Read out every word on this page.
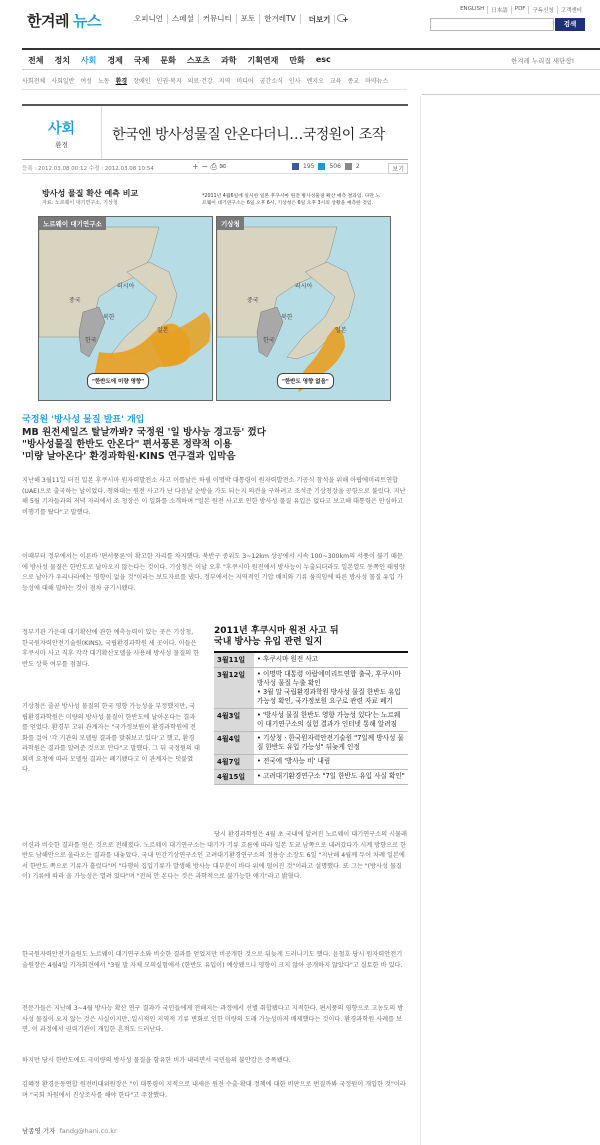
한겨레 뉴스	오피니언	스페셜	커뮤니티	포토	한겨레TV	더보기 +
ENGLISH	日本語	PDF	구독신청	고객센터
검색
전체 정치 사회 경제 국제 문화 스포츠 과학 기획연재 만화 esc	한겨레 누리집 새단장!
사회전체 사회일반 여성 노동 환경 장애인 인권·복지 의료·건강 지역 미디어 궁간소식 인사 엔지오 교육 종교 마약뉴스
사회
환경
한국엔 방사성물질 안온다더니…국정원이 조작
등록 : 2012.03.08 00:12 수정 : 2012.03.08 10:54	+ − ⎙ ✉	195	506	2	보기
방사성 물질 확산 예측 비교
자료: 노르웨이 대기연구소, 기상청
*2011년 4월6일에 실시한 일본 후쿠시마 원전 방사성물질 확산 예측 결과임. 다만 노르웨이 대기연구소는 6일 오후 6시, 기상청은 6일 오후 3시의 상황을 예측한 것임.
노르웨이 대기연구소
중국
러시아
북한
일본
한국
"한반도에 미량 영향"
기상청
중국
러시아
북한
일본
한국
"한반도 영향 없음"
국정원 '방사성 물질 발표' 개입
MB 원전세일즈 탈날까봐? 국정원 '일 방사능 경고등' 껐다
"방사성물질 한반도 안온다" 편서풍론 정략적 이용
'미량 날아온다' 환경과학원·KINS 연구결과 입막음
지난해 3월11일 터진 일본 후쿠시마 원자력발전소 사고 이틀날은 하필 이명박 대통령이 원자력발전소 기공식 참석을 위해 아랍에미리트연합(UAE)으로 출국하는 날이었다. 청와대는 원전 사고가 난 다음날 순방을 가도 되는지 의견을 구하려고 조석준 기상청장을 공항으로 불렀다. 지난해 5월 기자들과의 저녁 자리에서 조 청장은 이 일화를 소개하며 "일본 원전 사고로 인한 방사성 물질 유입은 없다고 보고해 대통령은 안심하고 비행기를 탔다"고 말했다.
이때부터 정부에서는 이른바 '편서풍론'이 확고한 자리를 차지했다. 북반구 중위도 3~12km 상공에서 시속 100~300km의 서풍이 불기 때문에 방사성 물질은 한반도로 날아오지 않는다는 것이다. 기상청은 이날 오후 "후쿠시마 원전에서 방사능이 누출되더라도 일본열도 동쪽인 태평양으로 날아가 우리나라에는 영향이 없을 것"이라는 보도자료를 냈다. 정부에서는 지역적인 기압 배치와 기류 움직임에 따른 방사성 물질 유입 가능성에 대해 말하는 것이 점차 금기시됐다.
정부기관 가운데 대기확산에 관한 예측능력이 있는 곳은 기상청, 한국원자력안전기술원(KINS), 국립환경과학원 세 곳이다. 이들은 후쿠시마 사고 직후 각각 대기확산모델을 사용해 방사성 물질의 한반도 상륙 여부를 점쳤다.
기상청은 줄곧 방사성 물질의 한국 영향 가능성을 부정했지만, 국립환경과학원은 미량의 방사성 물질이 한반도에 날아온다는 결과를 얻었다. 환경부 고위 관계자는 "국가정보원이 환경과학원에 전화를 걸어 '각 기관의 모델링 결과를 맞춰보고 있다'고 했고, 환경과학원은 결과를 알려준 것으로 안다"고 말했다. 그 뒤 국정원의 대외비 요청에 따라 모델링 결과는 폐기됐다고 이 관계자는 덧붙였다.
2011년 후쿠시마 원전 사고 뒤
국내 방사능 유입 관련 일지
3월11일	• 후쿠시마 원전 사고
3월12일	• 이명박 대통령 아랍에미리트연합 출국, 후쿠시마 방사성 물질 누출 확인
• 3월 말 국립환경과학원 방사성 물질 한반도 유입 가능성 확인, 국가정보원 요구로 관련 자료 폐기
4월3일	• '방사성 물질 한반도 영향 가능성 있다'는 노르웨이 대기연구소의 실험 결과가 인터넷 통해 알려짐
4월4일	• 기상청 · 한국원자력안전기술원 "7일께 방사성 물질 한반도 유입 가능성" 뒤늦게 인정
4월7일	• 전국에 '방사능 비' 내림
4월15일	• 고려대기환경연구소 "7일 한반도 유입 사실 확인"
당시 환경과학원은 4월 초 국내에 알려진 노르웨이 대기연구소의 시뮬레이션과 비슷한 결과를 얻은 것으로 전해졌다. 노르웨이 대기연구소는 대기가 기류 흐름에 따라 일본 도쿄 남쪽으로 내려갔다가 시계 방향으로 한반도 남해안으로 올라오는 결과를 내놓았다. 국내 민간기상연구소인 고려대기환경연구소의 정용승 소장도 6일 "지난해 4월께 두어 차례 일본에서 한반도 쪽으로 기류가 흘렀다"며 "다행히 집입기류가 발생해 방사능 대부분이 바다 위에 떨어진 것"이라고 설명했다. 또 그는 "(방사성 물질이) 기류에 따라 올 가능성은 열려 있다"며 "전혀 안 온다는 것은 과학적으로 불가능한 얘기"라고 밝혔다.
한국원자력안전기술원도 노르웨이 대기연구소와 비슷한 결과를 얻었지만 비공개한 것으로 뒤늦게 드러나기도 했다. 윤철호 당시 원자력안전기술원장은 4월4일 기자회견에서 "3월 말 자체 모의실험에서 (한반도 유입이) 예상됐으나 영향이 크지 않아 공개하지 않았다"고 실토한 바 있다.
전문가들은 지난해 3~4월 방사능 확산 연구 결과가 국민들에게 전해지는 과정에서 선별 취합됐다고 지적한다. 편서풍의 영향으로 고농도의 방사성 물질이 오지 않는 것은 사실이지만, 일시적인 지역적 기류 변화로 인한 미량의 도래 가능성마저 배제했다는 것이다. 환경과학원 사례를 보면, 이 과정에서 권력기관이 개입한 흔적도 드러난다.
하지만 당시 한반도에도 극미량의 방사성 물질을 함유한 비가 내리면서 국민들의 불안감은 증폭됐다.
김혜정 환경운동연합 원전비대위원장은 "이 대통령이 지적으로 내세운 원전 수출·확대 정책에 대한 비판으로 번질까봐 국정원이 개입한 것"이라며 "국회 차원에서 진상조사를 해야 한다"고 주장했다.
남종영 기자 fandg@hani.co.kr
